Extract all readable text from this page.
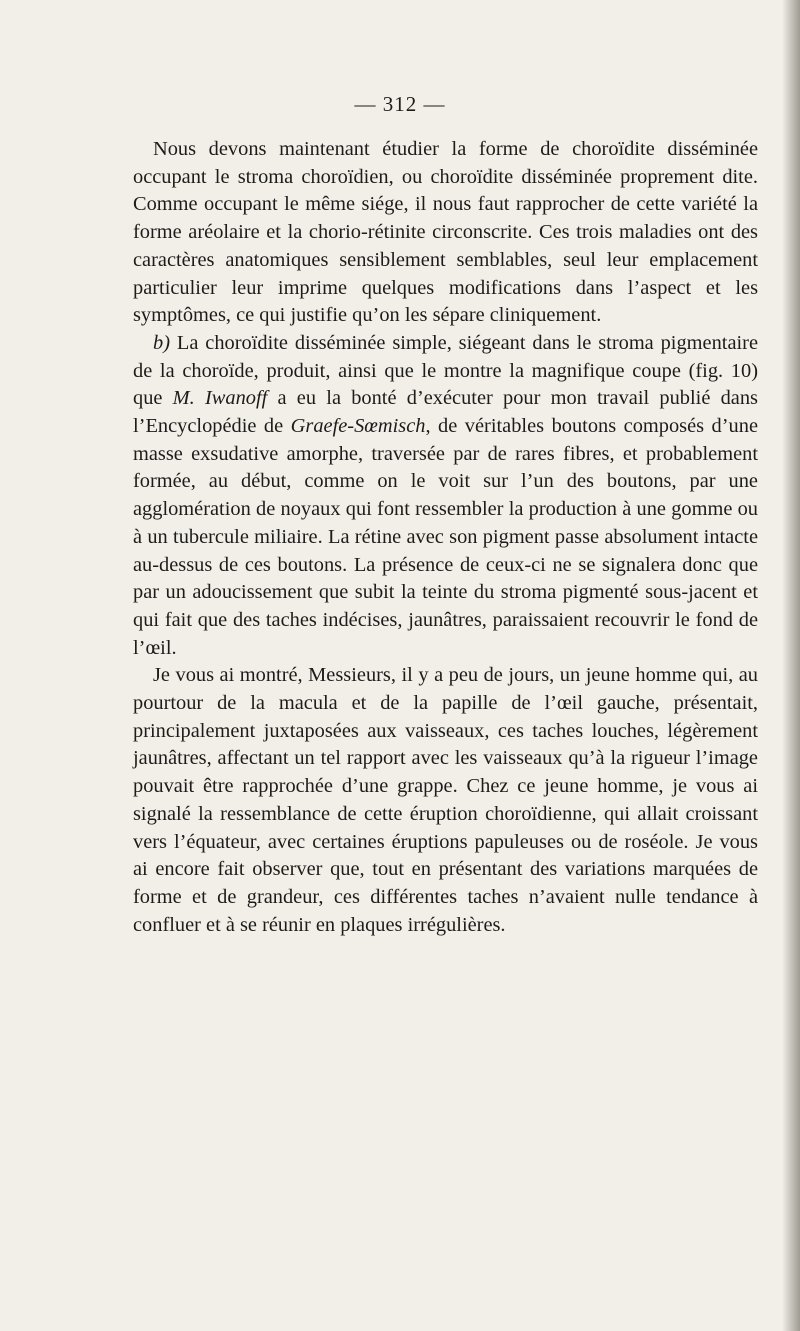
— 312 —

Nous devons maintenant étudier la forme de choroïdite disséminée occupant le stroma choroïdien, ou choroïdite disséminée proprement dite. Comme occupant le même siége, il nous faut rapprocher de cette variété la forme aréolaire et la chorio-rétinite circonscrite. Ces trois maladies ont des caractères anatomiques sensiblement semblables, seul leur emplacement particulier leur imprime quelques modifications dans l’aspect et les symptômes, ce qui justifie qu’on les sépare cliniquement.

b) La choroïdite disséminée simple, siégeant dans le stroma pigmentaire de la choroïde, produit, ainsi que le montre la magnifique coupe (fig. 10) que M. Iwanoff a eu la bonté d’exécuter pour mon travail publié dans l’Encyclopédie de Graefe-Sœmisch, de véritables boutons composés d’une masse exsudative amorphe, traversée par de rares fibres, et probablement formée, au début, comme on le voit sur l’un des boutons, par une agglomération de noyaux qui font ressembler la production à une gomme ou à un tubercule miliaire. La rétine avec son pigment passe absolument intacte au-dessus de ces boutons. La présence de ceux-ci ne se signalera donc que par un adoucissement que subit la teinte du stroma pigmenté sous-jacent et qui fait que des taches indécises, jaunâtres, paraissaient recouvrir le fond de l’œil.

Je vous ai montré, Messieurs, il y a peu de jours, un jeune homme qui, au pourtour de la macula et de la papille de l’œil gauche, présentait, principalement juxtaposées aux vaisseaux, ces taches louches, légèrement jaunâtres, affectant un tel rapport avec les vaisseaux qu’à la rigueur l’image pouvait être rapprochée d’une grappe. Chez ce jeune homme, je vous ai signalé la ressemblance de cette éruption choroïdienne, qui allait croissant vers l’équateur, avec certaines éruptions papuleuses ou de roséole. Je vous ai encore fait observer que, tout en présentant des variations marquées de forme et de grandeur, ces différentes taches n’avaient nulle tendance à confluer et à se réunir en plaques irrégulières.
